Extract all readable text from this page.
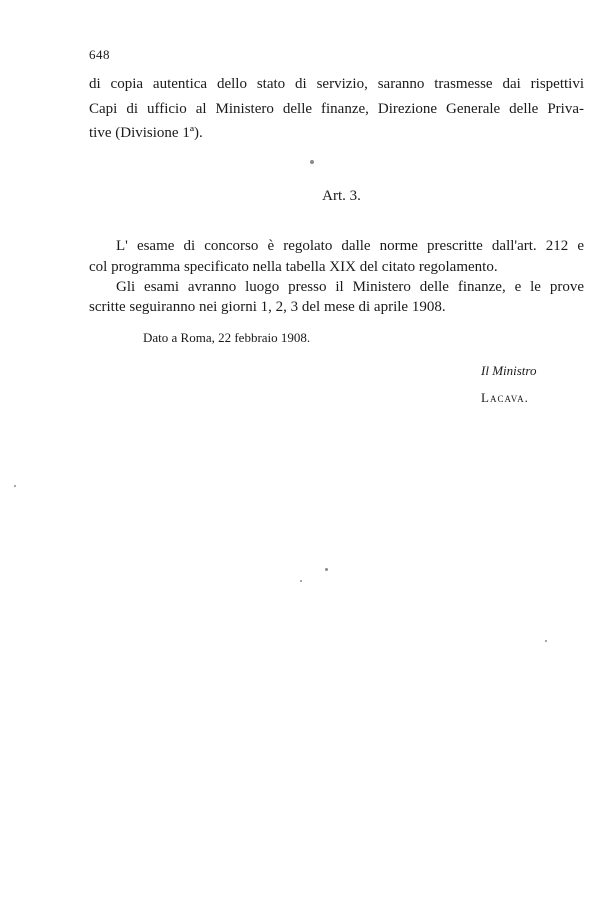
648
di copia autentica dello stato di servizio, saranno trasmesse dai rispettivi
Capi di ufficio al Ministero delle finanze, Direzione Generale delle Priva-
tive (Divisione 1ª).
Art. 3.
L' esame di concorso è regolato dalle norme prescritte dall'art. 212 e
col programma specificato nella tabella XIX del citato regolamento.
Gli esami avranno luogo presso il Ministero delle finanze, e le prove
scritte seguiranno nei giorni 1, 2, 3 del mese di aprile 1908.
Dato a Roma, 22 febbraio 1908.
Il Ministro
Lacava.
